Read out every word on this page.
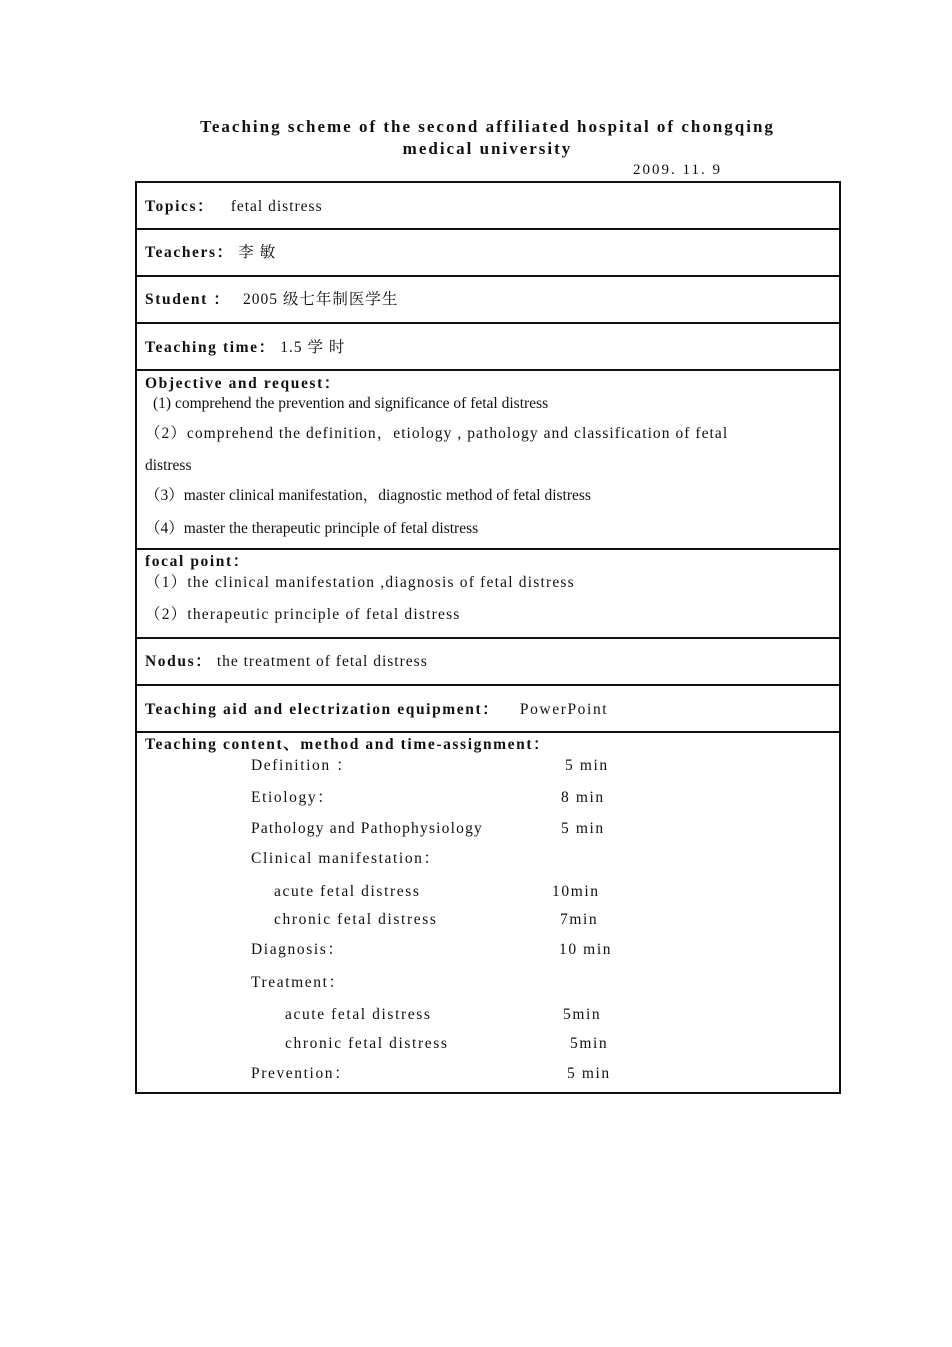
Teaching scheme of the second affiliated hospital of chongqing
medical university
2009. 11. 9
Topics： fetal distress
Teachers： 李 敏
Student ： 2005 级七年制医学生
Teaching time： 1.5 学 时
Objective and request：
(1) comprehend the prevention and significance of fetal distress
（2）comprehend the definition，etiology , pathology and classification of fetal
distress
（3）master clinical manifestation，diagnostic method of fetal distress
（4）master the therapeutic principle of fetal distress
focal point：
（1）the clinical manifestation ,diagnosis of fetal distress
（2）therapeutic principle of fetal distress
Nodus： the treatment of fetal distress
Teaching aid and electrization equipment： PowerPoint
Teaching content、method and time-assignment：
Definition ：	5 min
Etiology：	8 min
Pathology and Pathophysiology	5 min
Clinical manifestation：
acute fetal distress	10min
chronic fetal distress	7min
Diagnosis：	10 min
Treatment：
acute fetal distress	5min
chronic fetal distress	5min
Prevention：	5 min
